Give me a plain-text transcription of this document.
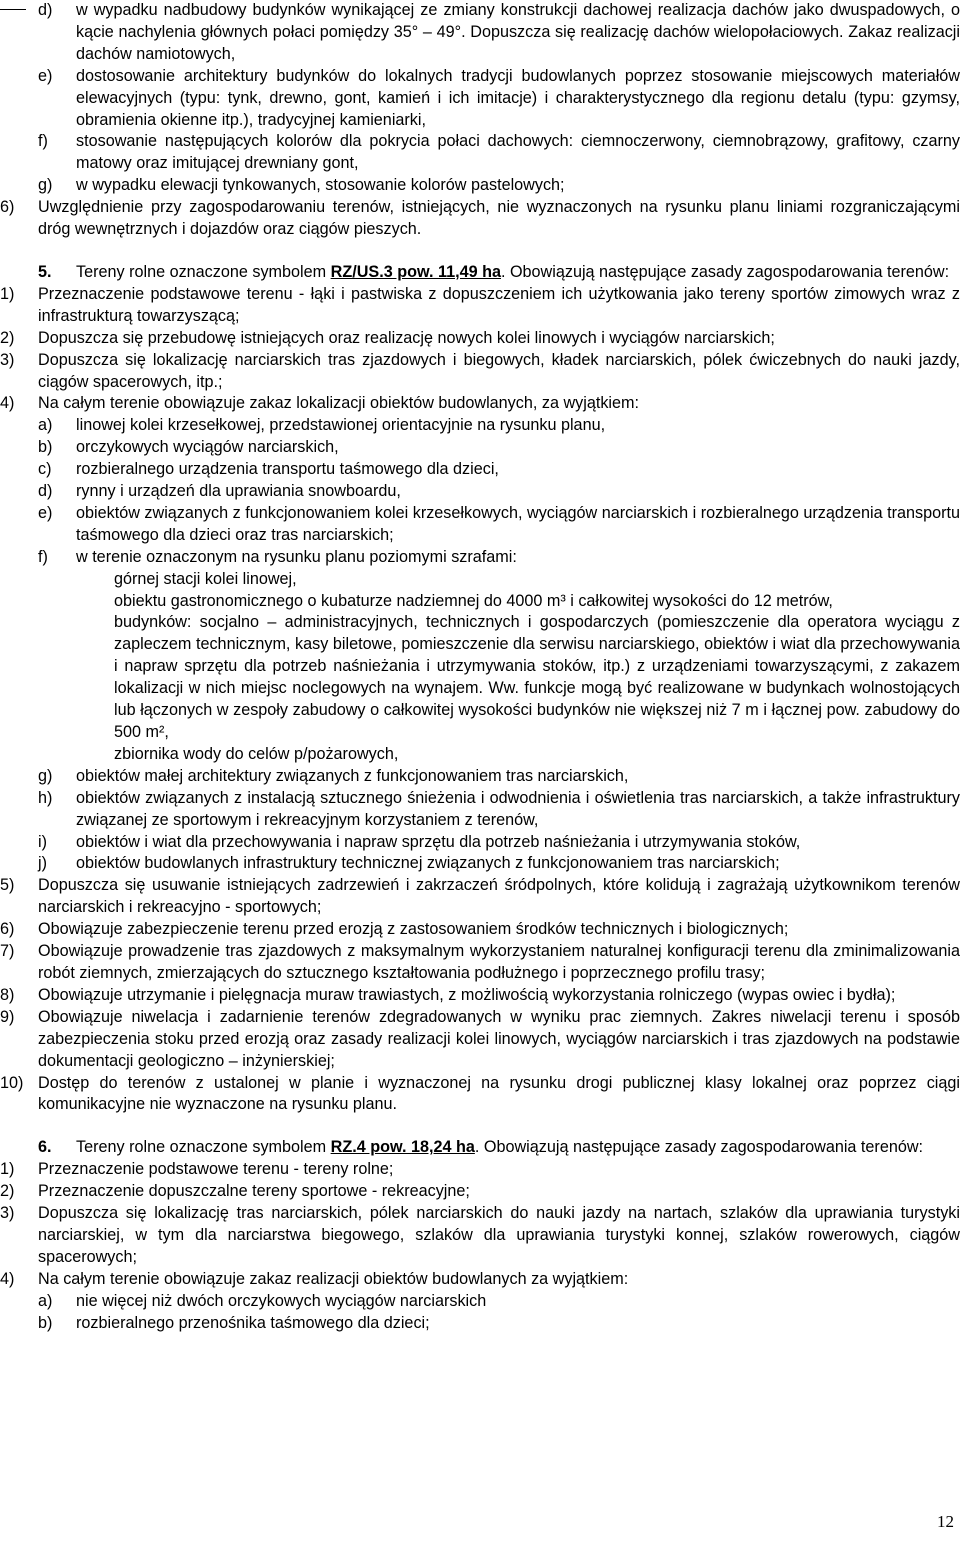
d)	w wypadku nadbudowy budynków wynikającej ze zmiany konstrukcji dachowej realizacja dachów jako dwuspadowych, o kącie nachylenia głównych połaci pomiędzy 35° – 49°. Dopuszcza się realizację dachów wielopołaciowych. Zakaz realizacji dachów namiotowych,
e)	dostosowanie architektury budynków do lokalnych tradycji budowlanych poprzez stosowanie miejscowych materiałów elewacyjnych (typu: tynk, drewno, gont, kamień i ich imitacje) i charakterystycznego dla regionu detalu (typu: gzymsy, obramienia okienne itp.), tradycyjnej kamieniarki,
f)	stosowanie następujących kolorów dla pokrycia połaci dachowych: ciemnoczerwony, ciemnobrązowy, grafitowy, czarny matowy oraz imitującej drewniany gont,
g)	w wypadku elewacji tynkowanych, stosowanie kolorów pastelowych;
6)	Uwzględnienie przy zagospodarowaniu terenów, istniejących, nie wyznaczonych na rysunku planu liniami rozgraniczającymi dróg wewnętrznych i dojazdów oraz ciągów pieszych.
5. Tereny rolne oznaczone symbolem RZ/US.3 pow. 11,49 ha. Obowiązują następujące zasady zagospodarowania terenów:
1)	Przeznaczenie podstawowe terenu - łąki i pastwiska z dopuszczeniem ich użytkowania jako tereny sportów zimowych wraz z infrastrukturą towarzyszącą;
2)	Dopuszcza się przebudowę istniejących oraz realizację nowych kolei linowych i wyciągów narciarskich;
3)	Dopuszcza się lokalizację narciarskich tras zjazdowych i biegowych, kładek narciarskich, pólek ćwiczebnych do nauki jazdy, ciągów spacerowych, itp.;
4)	Na całym terenie obowiązuje zakaz lokalizacji obiektów budowlanych, za wyjątkiem:
a)	linowej kolei krzesełkowej, przedstawionej orientacyjnie na rysunku planu,
b)	orczykowych wyciągów narciarskich,
c)	rozbieralnego urządzenia transportu taśmowego dla dzieci,
d)	rynny i urządzeń dla uprawiania snowboardu,
e)	obiektów związanych z funkcjonowaniem kolei krzesełkowych, wyciągów narciarskich i rozbieralnego urządzenia transportu taśmowego dla dzieci oraz tras narciarskich;
f)	w terenie oznaczonym na rysunku planu poziomymi szrafami:
górnej stacji kolei linowej,
obiektu gastronomicznego o kubaturze nadziemnej do 4000 m³ i całkowitej wysokości do 12 metrów,
budynków: socjalno – administracyjnych, technicznych i gospodarczych (pomieszczenie dla operatora wyciągu z zapleczem technicznym, kasy biletowe, pomieszczenie dla serwisu narciarskiego, obiektów i wiat dla przechowywania i napraw sprzętu dla potrzeb naśnieżania i utrzymywania stoków, itp.) z urządzeniami towarzyszącymi, z zakazem lokalizacji w nich miejsc noclegowych na wynajem. Ww. funkcje mogą być realizowane w budynkach wolnostojących lub łączonych w zespoły zabudowy o całkowitej wysokości budynków nie większej niż 7 m i łącznej pow. zabudowy do 500 m²,
zbiornika wody do celów p/pożarowych,
g)	obiektów małej architektury związanych z funkcjonowaniem tras narciarskich,
h)	obiektów związanych z instalacją sztucznego śnieżenia i odwodnienia i oświetlenia tras narciarskich, a także infrastruktury związanej ze sportowym i rekreacyjnym korzystaniem z terenów,
i)	obiektów i wiat dla przechowywania i napraw sprzętu dla potrzeb naśnieżania i utrzymywania stoków,
j)	obiektów budowlanych infrastruktury technicznej związanych z funkcjonowaniem tras narciarskich;
5)	Dopuszcza się usuwanie istniejących zadrzewień i zakrzaczeń śródpolnych, które kolidują i zagrażają użytkownikom terenów narciarskich i rekreacyjno - sportowych;
6)	Obowiązuje zabezpieczenie terenu przed erozją z zastosowaniem środków technicznych i biologicznych;
7)	Obowiązuje prowadzenie tras zjazdowych z maksymalnym wykorzystaniem naturalnej konfiguracji terenu dla zminimalizowania robót ziemnych, zmierzających do sztucznego kształtowania podłużnego i poprzecznego profilu trasy;
8)	Obowiązuje utrzymanie i pielęgnacja muraw trawiastych, z możliwością wykorzystania rolniczego (wypas owiec i bydła);
9)	Obowiązuje niwelacja i zadarnienie terenów zdegradowanych w wyniku prac ziemnych. Zakres niwelacji terenu i sposób zabezpieczenia stoku przed erozją oraz zasady realizacji kolei linowych, wyciągów narciarskich i tras zjazdowych na podstawie dokumentacji geologiczno – inżynierskiej;
10) Dostęp do terenów z ustalonej w planie i wyznaczonej na rysunku drogi publicznej klasy lokalnej oraz poprzez ciągi komunikacyjne nie wyznaczone na rysunku planu.
6. Tereny rolne oznaczone symbolem RZ.4 pow. 18,24 ha. Obowiązują następujące zasady zagospodarowania terenów:
1)	Przeznaczenie podstawowe terenu - tereny rolne;
2)	Przeznaczenie dopuszczalne tereny sportowe - rekreacyjne;
3)	Dopuszcza się lokalizację tras narciarskich, pólek narciarskich do nauki jazdy na nartach, szlaków dla uprawiania turystyki narciarskiej, w tym dla narciarstwa biegowego, szlaków dla uprawiania turystyki konnej, szlaków rowerowych, ciągów spacerowych;
4)	Na całym terenie obowiązuje zakaz realizacji obiektów budowlanych za wyjątkiem:
a)	nie więcej niż dwóch orczykowych wyciągów narciarskich
b)	rozbieralnego przenośnika taśmowego dla dzieci;
12
